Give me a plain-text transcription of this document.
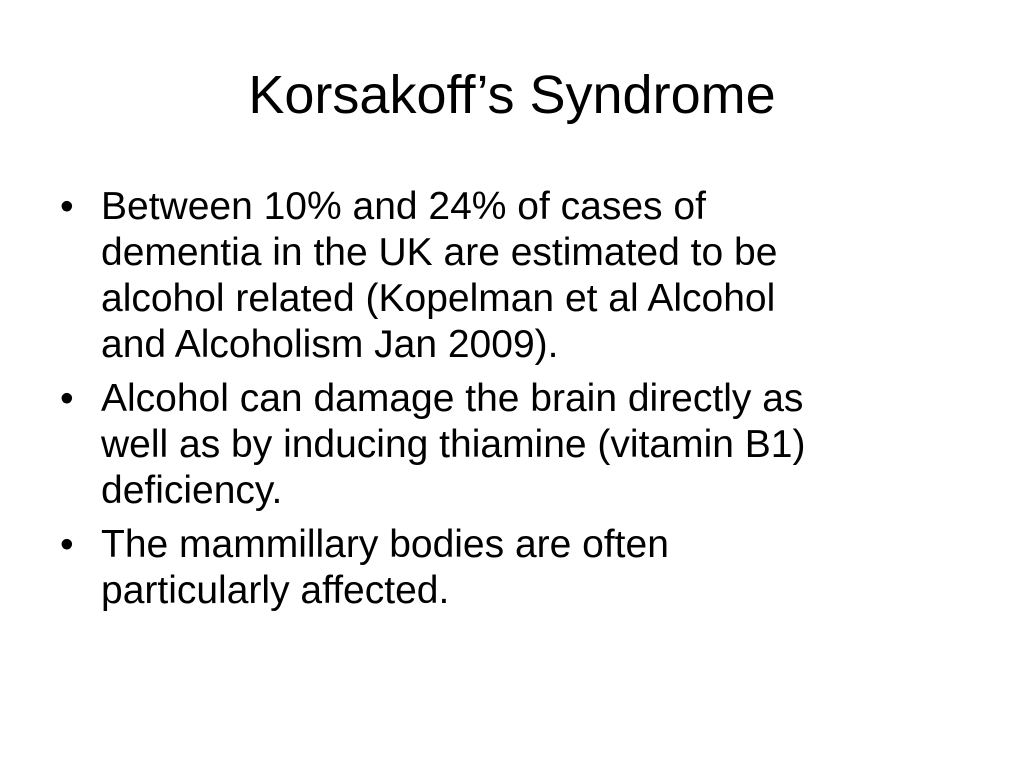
Korsakoff’s Syndrome
• Between 10% and 24% of cases of
dementia in the UK are estimated to be
alcohol related (Kopelman et al Alcohol
and Alcoholism Jan 2009).
• Alcohol can damage the brain directly as
well as by inducing thiamine (vitamin B1)
deficiency.
• The mammillary bodies are often
particularly affected.
